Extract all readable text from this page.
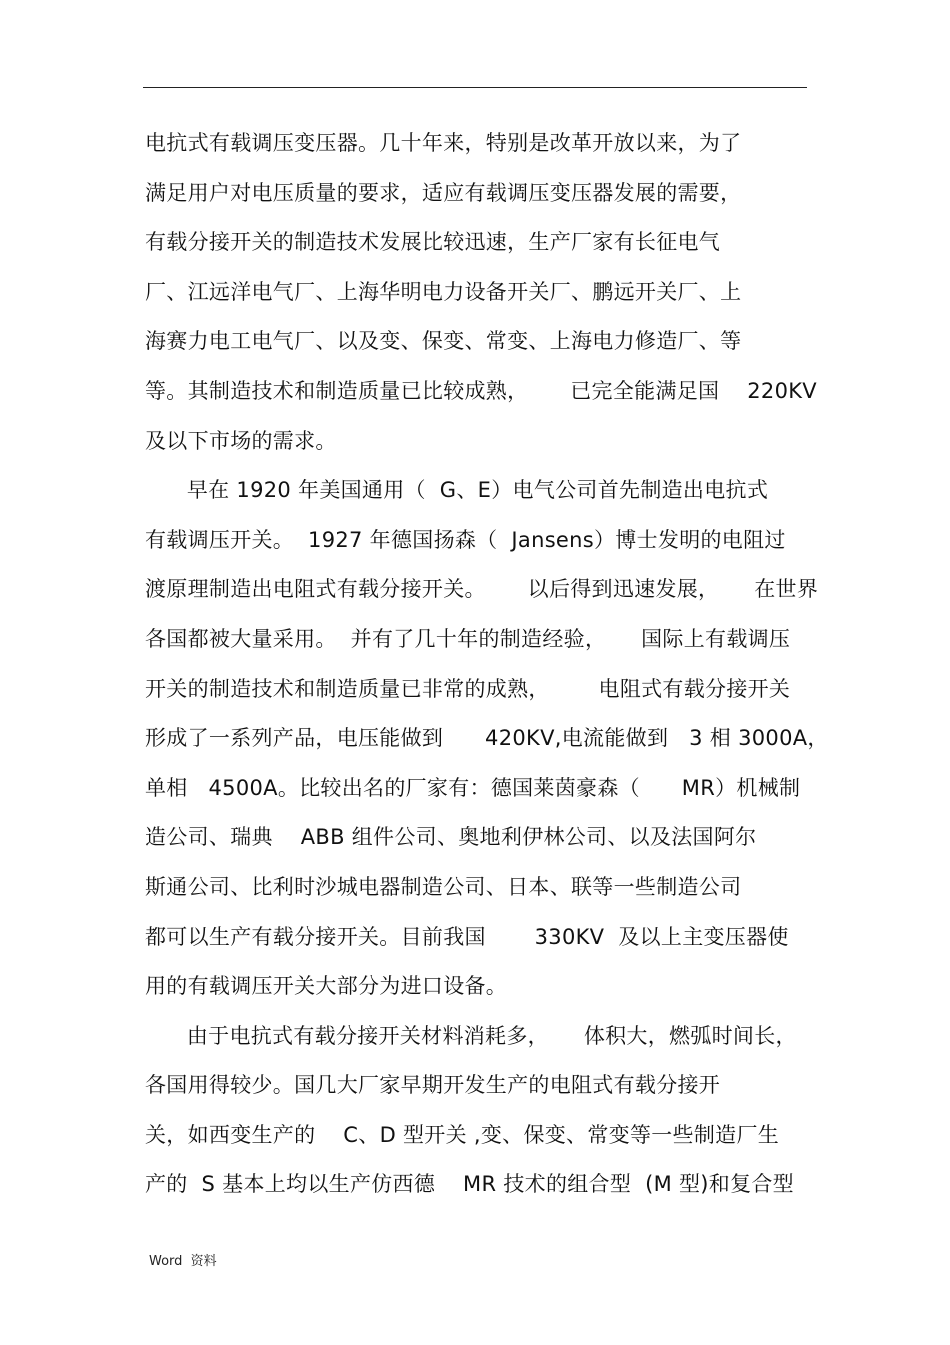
电抗式有载调压变压器。几十年来，特别是改革开放以来，为了
满足用户对电压质量的要求，适应有载调压变压器发展的需要，
有载分接开关的制造技术发展比较迅速，生产厂家有长征电气
厂、江远洋电气厂、上海华明电力设备开关厂、鹏远开关厂、上
海赛力电工电气厂、以及变、保变、常变、上海电力修造厂、等
等。其制造技术和制造质量已比较成熟，      已完全能满足国    220KV
及以下市场的需求。
早在 1920 年美国通用（  G、E）电气公司首先制造出电抗式
有载调压开关。  1927 年德国扬森（  Jansens）博士发明的电阻过
渡原理制造出电阻式有载分接开关。      以后得到迅速发展，     在世界
各国都被大量采用。  并有了几十年的制造经验，     国际上有载调压
开关的制造技术和制造质量已非常的成熟，       电阻式有载分接开关
形成了一系列产品，电压能做到      420KV,电流能做到   3 相 3000A，
单相   4500A。比较出名的厂家有：德国莱茵豪森（      MR）机械制
造公司、瑞典    ABB 组件公司、奥地利伊林公司、以及法国阿尔
斯通公司、比利时沙城电器制造公司、日本、联等一些制造公司
都可以生产有载分接开关。目前我国       330KV  及以上主变压器使
用的有载调压开关大部分为进口设备。
由于电抗式有载分接开关材料消耗多，     体积大，燃弧时间长，
各国用得较少。国几大厂家早期开发生产的电阻式有载分接开
关，如西变生产的    C、D 型开关 ,变、保变、常变等一些制造厂生
产的  S 基本上均以生产仿西德    MR 技术的组合型  (M 型)和复合型
Word  资料
